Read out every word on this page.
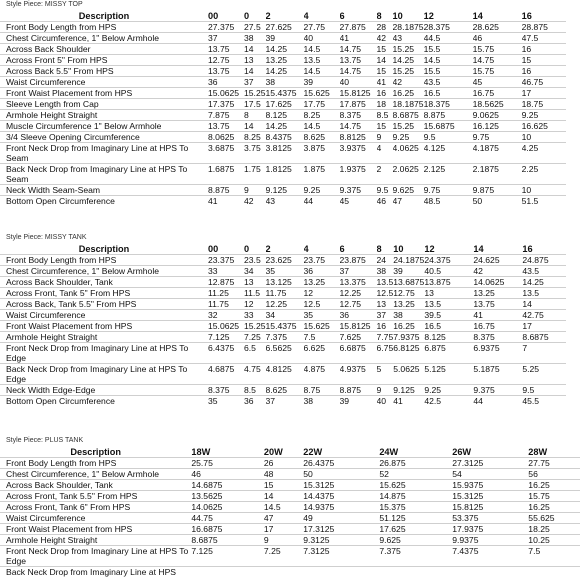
Style Piece: MISSY TOP
Description	00	0	2	4	6	8	10	12	14	16
Front Body Length from HPS	27.375	27.5	27.625	27.75	27.875	28	28.1875	28.375	28.625	28.875
Chest Circumference, 1" Below Armhole	37	38	39	40	41	42	43	44.5	46	47.5
Across Back Shoulder	13.75	14	14.25	14.5	14.75	15	15.25	15.5	15.75	16
Across Front 5" From HPS	12.75	13	13.25	13.5	13.75	14	14.25	14.5	14.75	15
Across Back 5.5" From HPS	13.75	14	14.25	14.5	14.75	15	15.25	15.5	15.75	16
Waist Circumference	36	37	38	39	40	41	42	43.5	45	46.75
Front Waist Placement from HPS	15.0625	15.25	15.4375	15.625	15.8125	16	16.25	16.5	16.75	17
Sleeve Length from Cap	17.375	17.5	17.625	17.75	17.875	18	18.1875	18.375	18.5625	18.75
Armhole Height Straight	7.875	8	8.125	8.25	8.375	8.5	8.6875	8.875	9.0625	9.25
Muscle Circumference 1" Below Armhole	13.75	14	14.25	14.5	14.75	15	15.25	15.6875	16.125	16.625
3/4 Sleeve Opening Circumference	8.0625	8.25	8.4375	8.625	8.8125	9	9.25	9.5	9.75	10
Front Neck Drop from Imaginary Line at HPS To Seam	3.6875	3.75	3.8125	3.875	3.9375	4	4.0625	4.125	4.1875	4.25
Back Neck Drop from Imaginary Line at HPS To Seam	1.6875	1.75	1.8125	1.875	1.9375	2	2.0625	2.125	2.1875	2.25
Neck Width Seam-Seam	8.875	9	9.125	9.25	9.375	9.5	9.625	9.75	9.875	10
Bottom Open Circumference	41	42	43	44	45	46	47	48.5	50	51.5
Style Piece: MISSY TANK
Description	00	0	2	4	6	8	10	12	14	16
Front Body Length from HPS	23.375	23.5	23.625	23.75	23.875	24	24.1875	24.375	24.625	24.875
Chest Circumference, 1" Below Armhole	33	34	35	36	37	38	39	40.5	42	43.5
Across Back Shoulder, Tank	12.875	13	13.125	13.25	13.375	13.5	13.6875	13.875	14.0625	14.25
Across Front, Tank 5" From HPS	11.25	11.5	11.75	12	12.25	12.5	12.75	13	13.25	13.5
Across Back, Tank 5.5" From HPS	11.75	12	12.25	12.5	12.75	13	13.25	13.5	13.75	14
Waist Circumference	32	33	34	35	36	37	38	39.5	41	42.75
Front Waist Placement from HPS	15.0625	15.25	15.4375	15.625	15.8125	16	16.25	16.5	16.75	17
Armhole Height Straight	7.125	7.25	7.375	7.5	7.625	7.75	7.9375	8.125	8.375	8.6875
Front Neck Drop from Imaginary Line at HPS To Edge	6.4375	6.5	6.5625	6.625	6.6875	6.75	6.8125	6.875	6.9375	7
Back Neck Drop from Imaginary Line at HPS To Edge	4.6875	4.75	4.8125	4.875	4.9375	5	5.0625	5.125	5.1875	5.25
Neck Width Edge-Edge	8.375	8.5	8.625	8.75	8.875	9	9.125	9.25	9.375	9.5
Bottom Open Circumference	35	36	37	38	39	40	41	42.5	44	45.5
Style Piece: PLUS TANK
Description	18W	20W	22W	24W	26W	28W
Front Body Length from HPS	25.75	26	26.4375	26.875	27.3125	27.75
Chest Circumference, 1" Below Armhole	46	48	50	52	54	56
Across Back Shoulder, Tank	14.6875	15	15.3125	15.625	15.9375	16.25
Across Front, Tank 5.5" From HPS	13.5625	14	14.4375	14.875	15.3125	15.75
Across Front, Tank 6" From HPS	14.0625	14.5	14.9375	15.375	15.8125	16.25
Waist Circumference	44.75	47	49	51.125	53.375	55.625
Front Waist Placement from HPS	16.6875	17	17.3125	17.625	17.9375	18.25
Armhole Height Straight	8.6875	9	9.3125	9.625	9.9375	10.25
Front Neck Drop from Imaginary Line at HPS To Edge	7.125	7.25	7.3125	7.375	7.4375	7.5
Back Neck Drop from Imaginary Line at HPS						
